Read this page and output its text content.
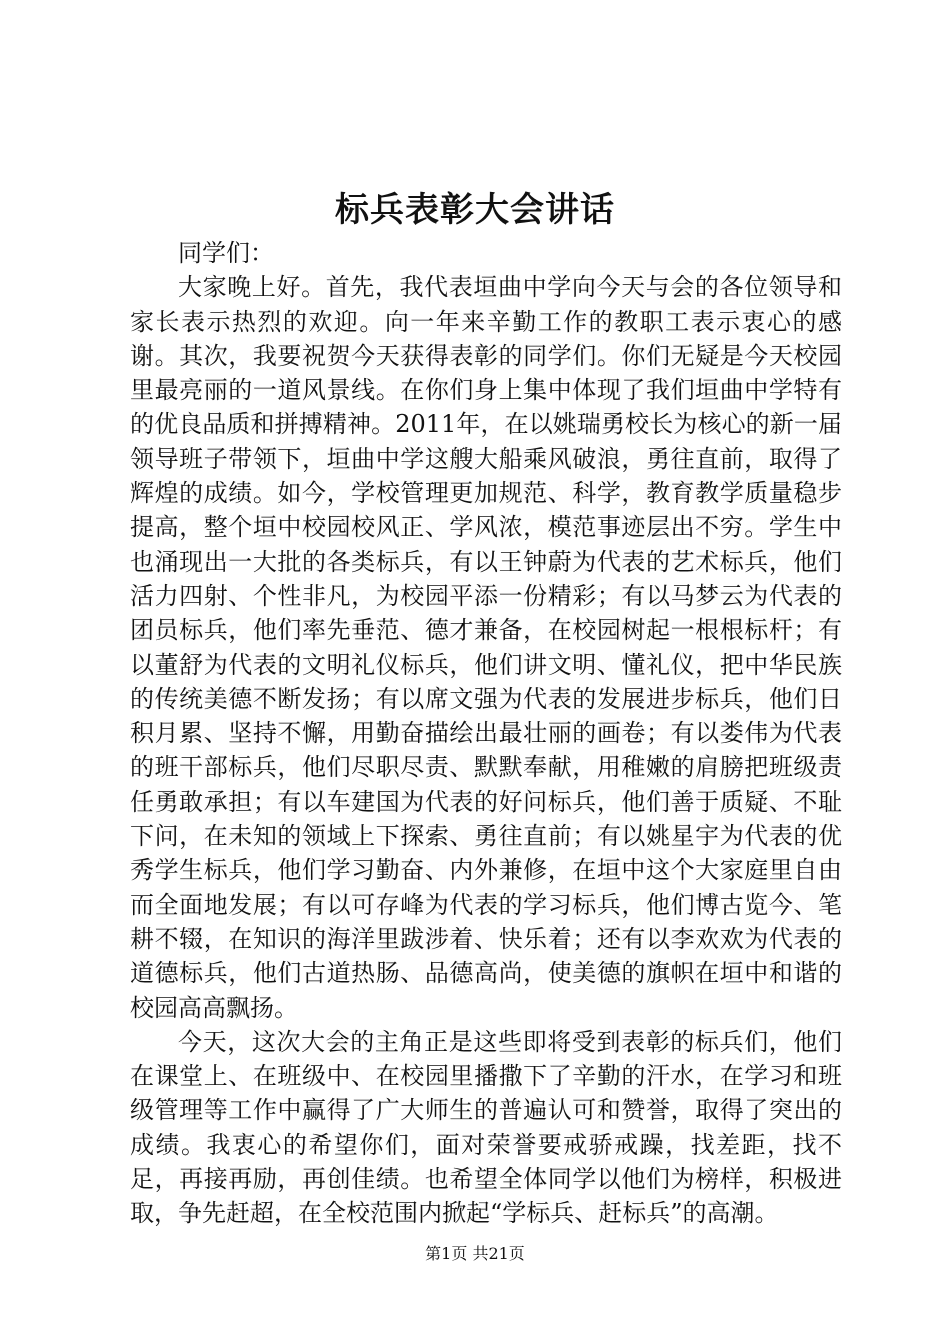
标兵表彰大会讲话

同学们：

大家晚上好。首先，我代表垣曲中学向今天与会的各位领导和家长表示热烈的欢迎。向一年来辛勤工作的教职工表示衷心的感谢。其次，我要祝贺今天获得表彰的同学们。你们无疑是今天校园里最亮丽的一道风景线。在你们身上集中体现了我们垣曲中学特有的优良品质和拼搏精神。2011年，在以姚瑞勇校长为核心的新一届领导班子带领下，垣曲中学这艘大船乘风破浪，勇往直前，取得了辉煌的成绩。如今，学校管理更加规范、科学，教育教学质量稳步提高，整个垣中校园校风正、学风浓，模范事迹层出不穷。学生中也涌现出一大批的各类标兵，有以王钟蔚为代表的艺术标兵，他们活力四射、个性非凡，为校园平添一份精彩；有以马梦云为代表的团员标兵，他们率先垂范、德才兼备，在校园树起一根根标杆；有以董舒为代表的文明礼仪标兵，他们讲文明、懂礼仪，把中华民族的传统美德不断发扬；有以席文强为代表的发展进步标兵，他们日积月累、坚持不懈，用勤奋描绘出最壮丽的画卷；有以娄伟为代表的班干部标兵，他们尽职尽责、默默奉献，用稚嫩的肩膀把班级责任勇敢承担；有以车建国为代表的好问标兵，他们善于质疑、不耻下问，在未知的领域上下探索、勇往直前；有以姚星宇为代表的优秀学生标兵，他们学习勤奋、内外兼修，在垣中这个大家庭里自由而全面地发展；有以可存峰为代表的学习标兵，他们博古览今、笔耕不辍，在知识的海洋里跋涉着、快乐着；还有以李欢欢为代表的道德标兵，他们古道热肠、品德高尚，使美德的旗帜在垣中和谐的校园高高飘扬。

今天，这次大会的主角正是这些即将受到表彰的标兵们，他们在课堂上、在班级中、在校园里播撒下了辛勤的汗水，在学习和班级管理等工作中赢得了广大师生的普遍认可和赞誉，取得了突出的成绩。我衷心的希望你们，面对荣誉要戒骄戒躁，找差距，找不足，再接再励，再创佳绩。也希望全体同学以他们为榜样，积极进取，争先赶超，在全校范围内掀起“学标兵、赶标兵”的高潮。

第1页 共21页
